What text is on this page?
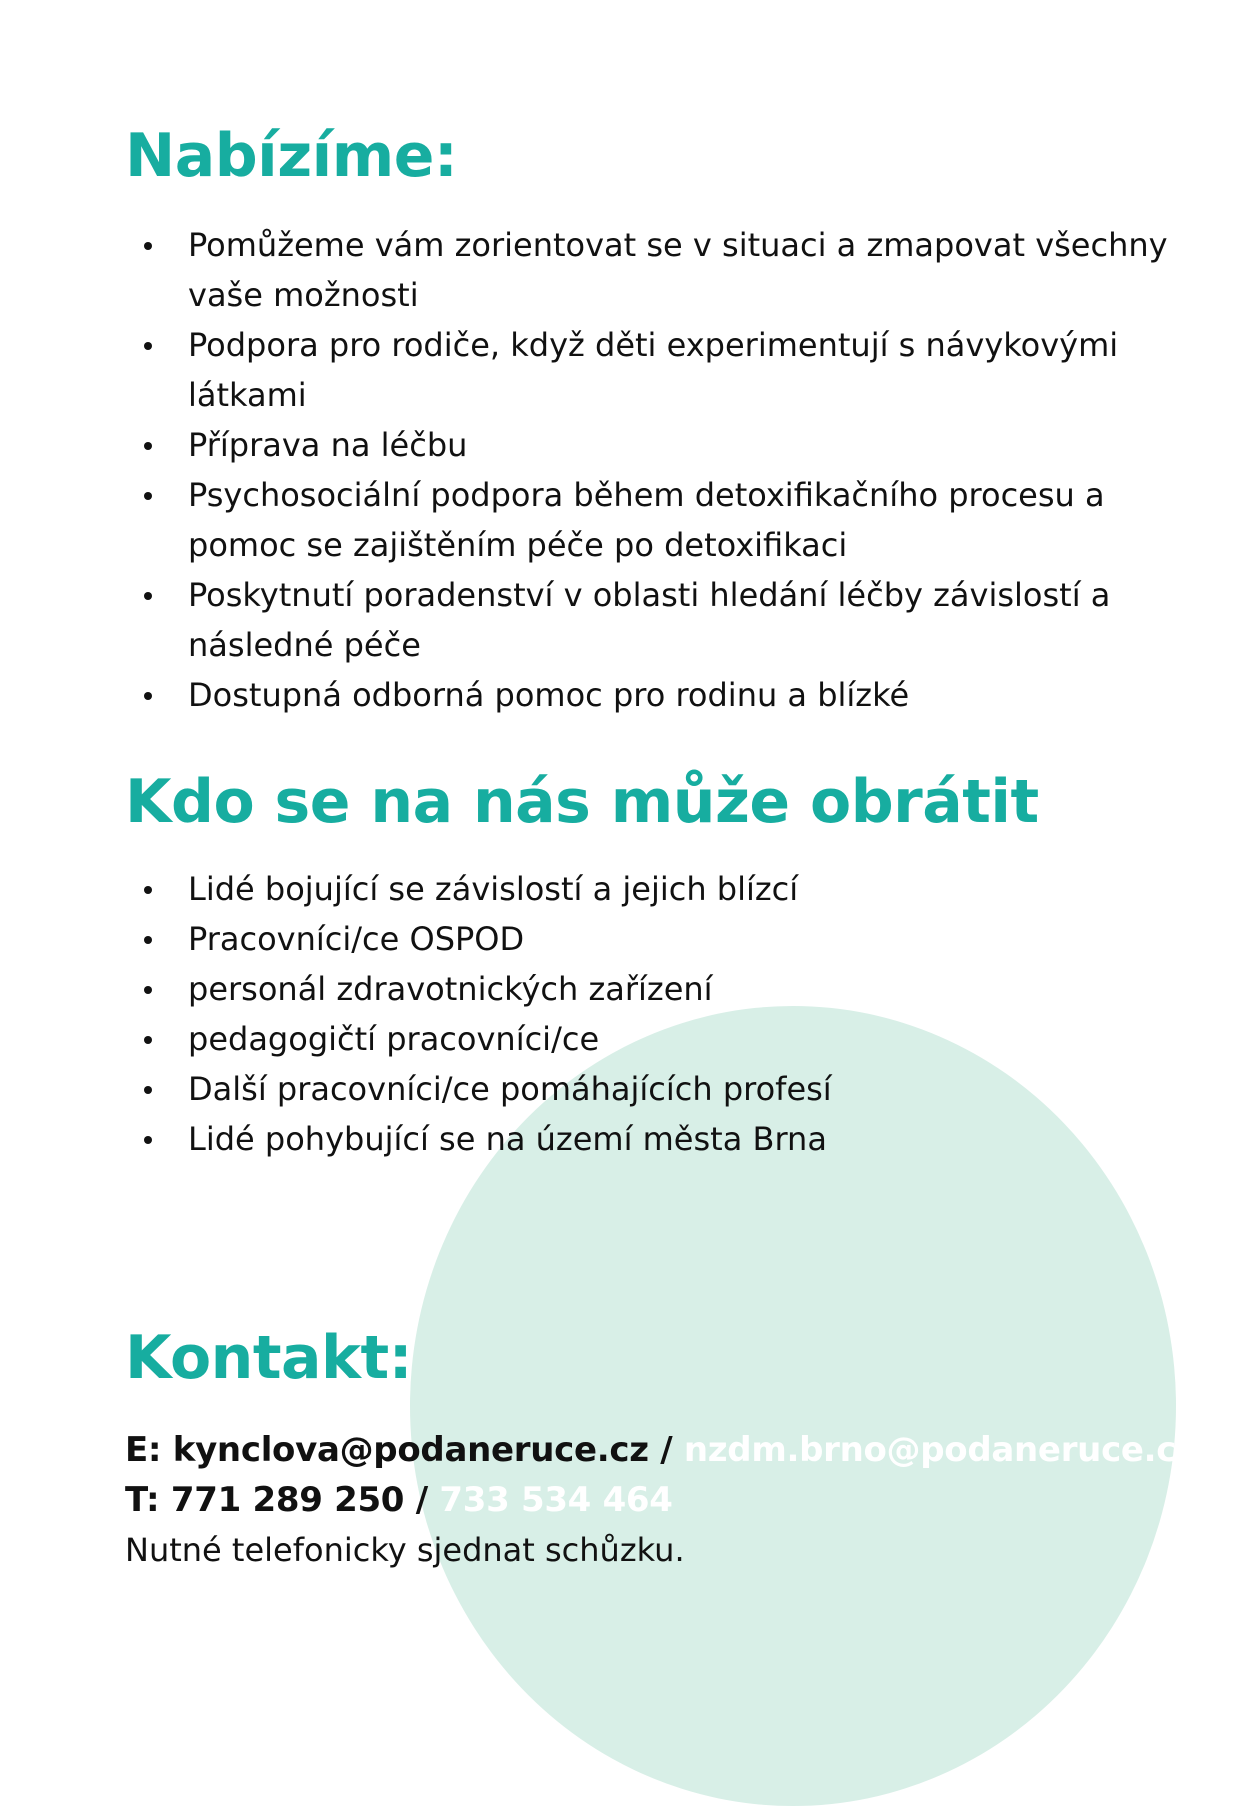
Nabízíme:
Pomůžeme vám zorientovat se v situaci a zmapovat všechny vaše možnosti
Podpora pro rodiče, když děti experimentují s návykovými látkami
Příprava na léčbu
Psychosociální podpora během detoxifikačního procesu a pomoc se zajištěním péče po detoxifikaci
Poskytnutí poradenství v oblasti hledání léčby závislostí a následné péče
Dostupná odborná pomoc pro rodinu a blízké
Kdo se na nás může obrátit
Lidé bojující se závislostí a jejich blízcí
Pracovníci/ce OSPOD
personál zdravotnických zařízení
pedagogičtí pracovníci/ce
Další pracovníci/ce pomáhajících profesí
Lidé pohybující se na území města Brna
Kontakt:
E: kynclova@podaneruce.cz / nzdm.brno@podaneruce.cz
T: 771 289 250 / 733 534 464
Nutné telefonicky sjednat schůzku.
